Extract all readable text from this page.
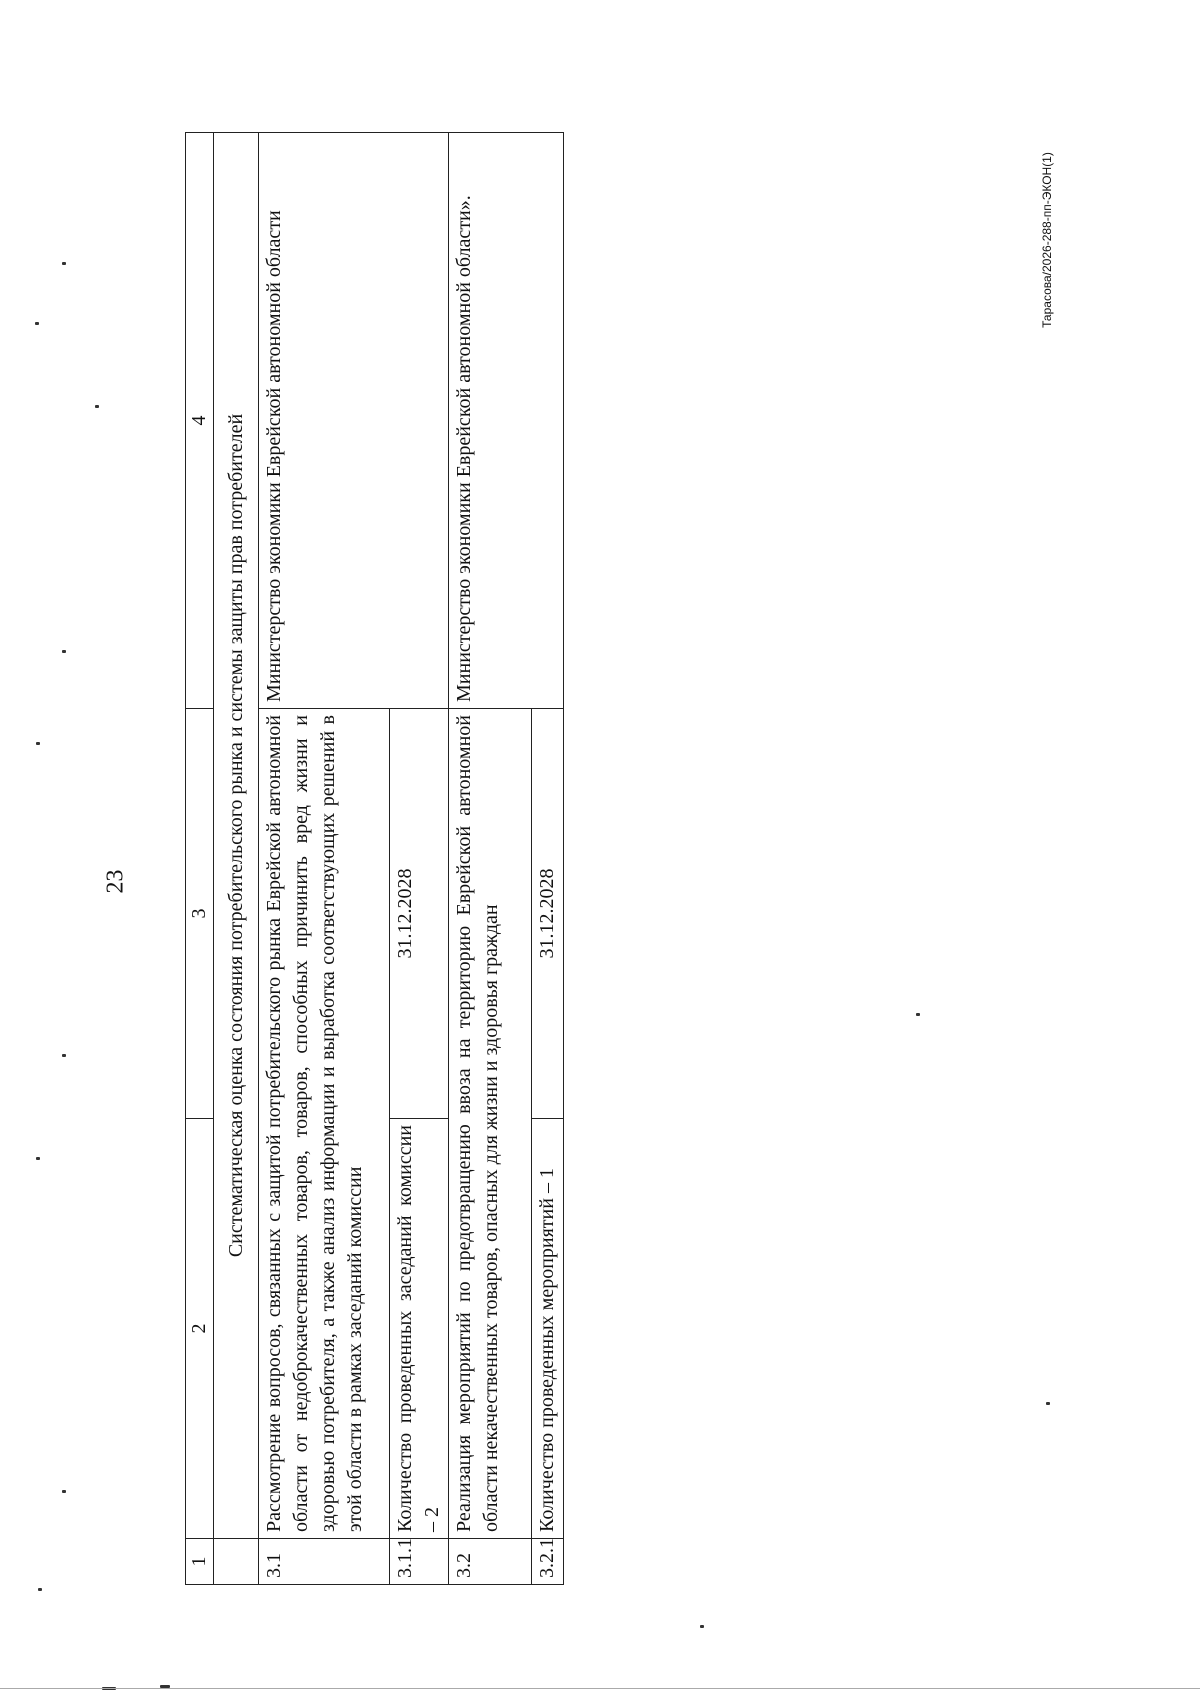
23
Тарасова/2026-288-пп-ЭКОН(1)
1	2	3	4
	Систематическая оценка состояния потребительского рынка и системы защиты прав потребителей		
3.1	Рассмотрение вопросов, связанных с защитой потребительского рынка Еврейской автономной области от недоброкачественных товаров, товаров, способных причинить вред жизни и здоровью потребителя, а также анализ информации и выработка соответствующих решений в этой области в рамках заседаний комиссии		Министерство экономики Еврейской автономной области
3.1.1	Количество проведенных заседаний комиссии – 2	31.12.2028	
3.2	Реализация мероприятий по предотвращению ввоза на территорию Еврейской автономной области некачественных товаров, опасных для жизни и здоровья граждан		Министерство экономики Еврейской автономной области».
3.2.1	Количество проведенных мероприятий – 1	31.12.2028	
